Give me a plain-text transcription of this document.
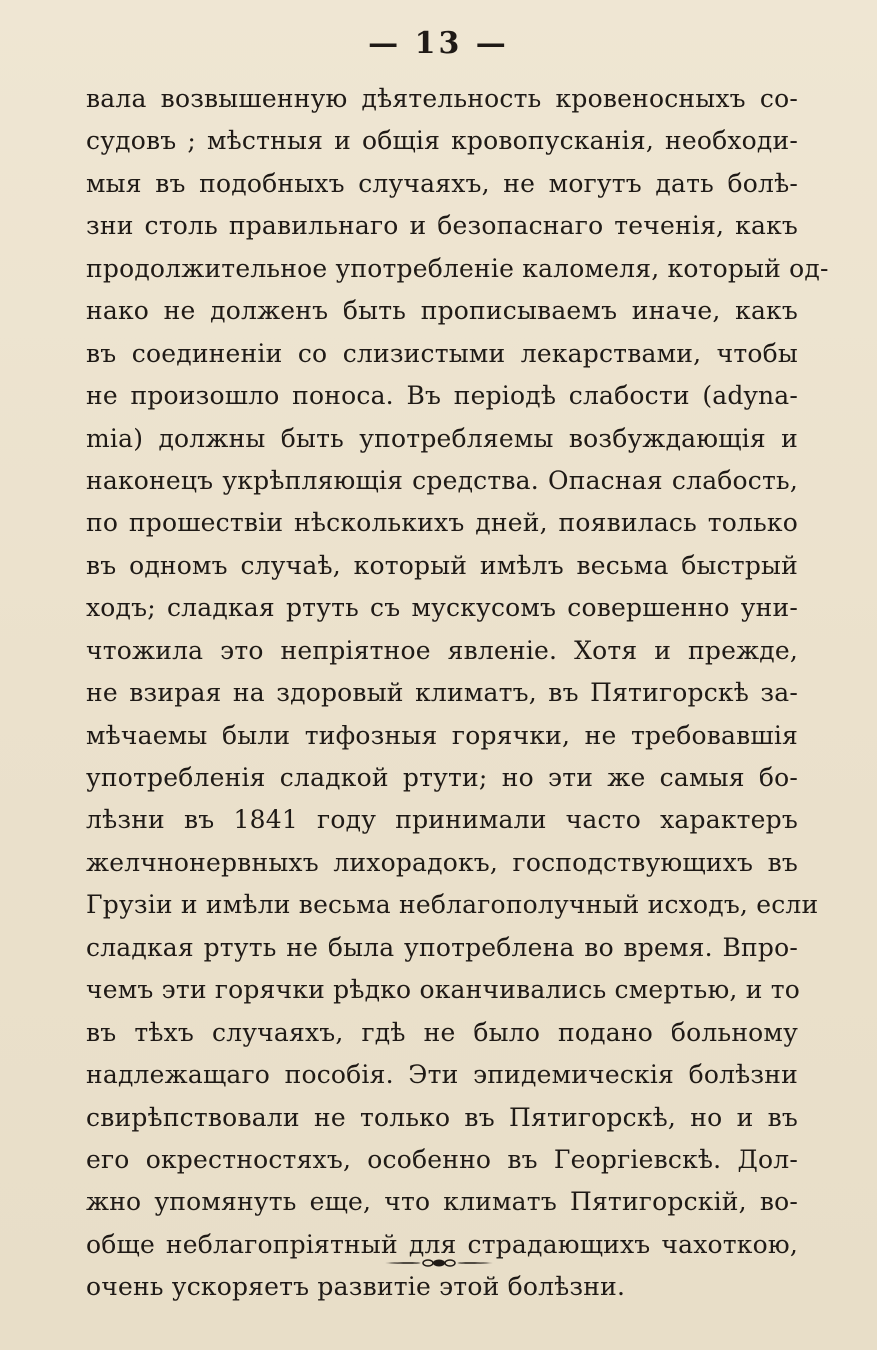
— 13 —
вала возвышенную дѣятельность кровеносныхъ со-
судовъ ; мѣстныя и общія кровопусканія, необходи-
мыя въ подобныхъ случаяхъ, не могутъ дать болѣ-
зни столь правильнаго и безопаснаго теченія, какъ
продолжительное употребленіе каломеля, который од-
нако не долженъ быть прописываемъ иначе, какъ
въ соединеніи со слизистыми лекарствами, чтобы
не произошло поноса. Въ періодѣ слабости (adyna-
mia) должны быть употребляемы возбуждающія и
наконецъ укрѣпляющія средства. Опасная слабость,
по прошествіи нѣсколькихъ дней, появилась только
въ одномъ случаѣ, который имѣлъ весьма быстрый
ходъ; сладкая ртуть съ мускусомъ совершенно уни-
чтожила это непріятное явленіе. Хотя и прежде,
не взирая на здоровый климатъ, въ Пятигорскѣ за-
мѣчаемы были тифозныя горячки, не требовавшія
употребленія сладкой ртути; но эти же самыя бо-
лѣзни въ 1841 году принимали часто характеръ
желчнонервныхъ лихорадокъ, господствующихъ въ
Грузіи и имѣли весьма неблагополучный исходъ, если
сладкая ртуть не была употреблена во время. Впро-
чемъ эти горячки рѣдко оканчивались смертью, и то
въ тѣхъ случаяхъ, гдѣ не было подано больному
надлежащаго пособія. Эти эпидемическія болѣзни
свирѣпствовали не только въ Пятигорскѣ, но и въ
его окрестностяхъ, особенно въ Георгіевскѣ. Дол-
жно упомянуть еще, что климатъ Пятигорскій, во-
обще неблагопріятный для страдающихъ чахоткою,
очень ускоряетъ развитіе этой болѣзни.
